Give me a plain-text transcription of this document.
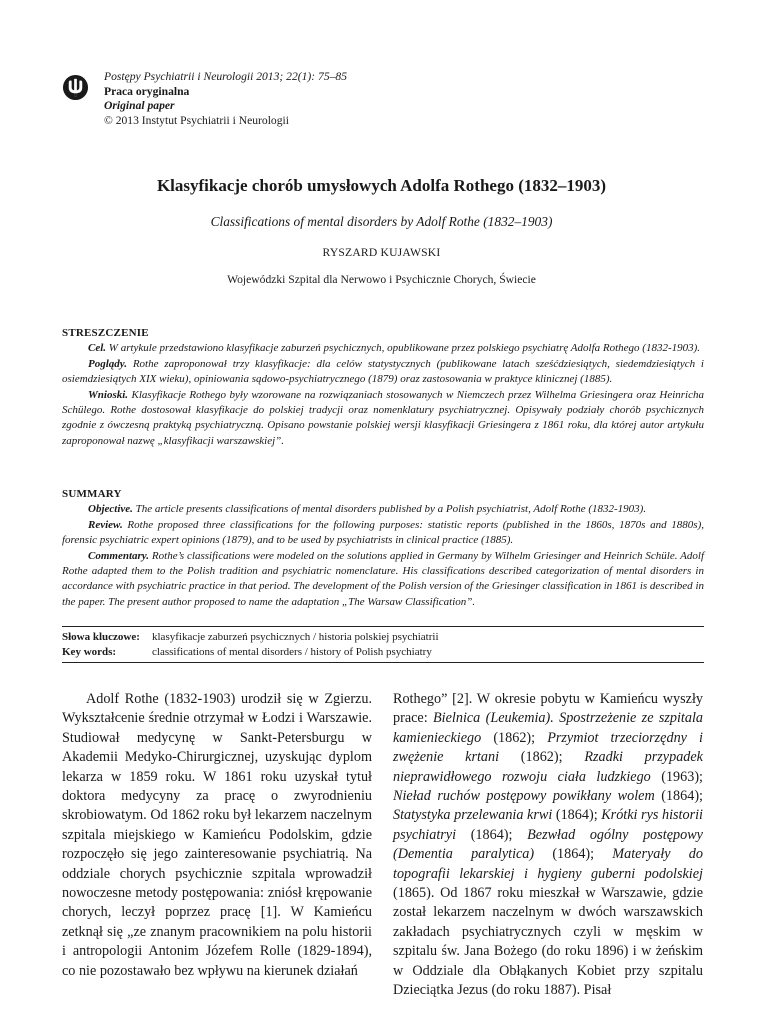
Postępy Psychiatrii i Neurologii 2013; 22(1): 75–85
Praca oryginalna
Original paper
© 2013 Instytut Psychiatrii i Neurologii
Klasyfikacje chorób umysłowych Adolfa Rothego (1832–1903)
Classifications of mental disorders by Adolf Rothe (1832–1903)
RYSZARD KUJAWSKI
Wojewódzki Szpital dla Nerwowo i Psychicznie Chorych, Świecie
STRESZCZENIE

Cel. W artykule przedstawiono klasyfikacje zaburzeń psychicznych, opublikowane przez polskiego psychiatrę Adolfa Rothego (1832-1903).

Poglądy. Rothe zaproponował trzy klasyfikacje: dla celów statystycznych (publikowane latach sześćdziesiątych, siedemdziesiątych i osiemdziesiątych XIX wieku), opiniowania sądowo-psychiatrycznego (1879) oraz zastosowania w praktyce klinicznej (1885).

Wnioski. Klasyfikacje Rothego były wzorowane na rozwiązaniach stosowanych w Niemczech przez Wilhelma Griesingera oraz Heinricha Schülego. Rothe dostosował klasyfikacje do polskiej tradycji oraz nomenklatury psychiatrycznej. Opisywały podziały chorób psychicznych zgodnie z ówczesną praktyką psychiatryczną. Opisano powstanie polskiej wersji klasyfikacji Griesingera z 1861 roku, dla której autor artykułu zaproponował nazwę „klasyfikacji warszawskiej”.

SUMMARY

Objective. The article presents classifications of mental disorders published by a Polish psychiatrist, Adolf Rothe (1832-1903).

Review. Rothe proposed three classifications for the following purposes: statistic reports (published in the 1860s, 1870s and 1880s), forensic psychiatric expert opinions (1879), and to be used by psychiatrists in clinical practice (1885).

Commentary. Rothe’s classifications were modeled on the solutions applied in Germany by Wilhelm Griesinger and Heinrich Schüle. Adolf Rothe adapted them to the Polish tradition and psychiatric nomenclature. His classifications described categorization of mental disorders in accordance with psychiatric practice in that period. The development of the Polish version of the Griesinger classification in 1861 is described in the paper. The present author proposed to name the adaptation „The Warsaw Classification”.

Słowa kluczowe:	klasyfikacje zaburzeń psychicznych / historia polskiej psychiatrii
Key words:	classifications of mental disorders / history of Polish psychiatry

Adolf Rothe (1832-1903) urodził się w Zgierzu. Wykształcenie średnie otrzymał w Łodzi i Warszawie. Studiował medycynę w Sankt-Petersburgu w Akademii Medyko-Chirurgicznej, uzyskując dyplom lekarza w 1859 roku. W 1861 roku uzyskał tytuł doktora medycyny za pracę o zwyrodnieniu skrobiowatym. Od 1862 roku był lekarzem naczelnym szpitala miejskiego w Kamieńcu Podolskim, gdzie rozpoczęło się jego zainteresowanie psychiatrią. Na oddziale chorych psychicznie szpitala wprowadził nowoczesne metody postępowania: zniósł krępowanie chorych, leczył poprzez pracę [1]. W Kamieńcu zetknął się „ze znanym pracownikiem na polu historii i antropologii Antonim Józefem Rolle (1829-1894), co nie pozostawało bez wpływu na kierunek działań

Rothego” [2]. W okresie pobytu w Kamieńcu wyszły prace: Bielnica (Leukemia). Spostrzeżenie ze szpitala kamienieckiego (1862); Przymiot trzeciorzędny i zwężenie krtani (1862); Rzadki przypadek nieprawidłowego rozwoju ciała ludzkiego (1963); Nieład ruchów postępowy powikłany wolem (1864); Statystyka przelewania krwi (1864); Krótki rys historii psychiatryi (1864); Bezwład ogólny postępowy (Dementia paralytica) (1864); Materyały do topografii lekarskiej i hygieny guberni podolskiej (1865). Od 1867 roku mieszkał w Warszawie, gdzie został lekarzem naczelnym w dwóch warszawskich zakładach psychiatrycznych czyli w męskim w szpitalu św. Jana Bożego (do roku 1896) i w żeńskim w Oddziale dla Obłąkanych Kobiet przy szpitalu Dzieciątka Jezus (do roku 1887). Pisał
